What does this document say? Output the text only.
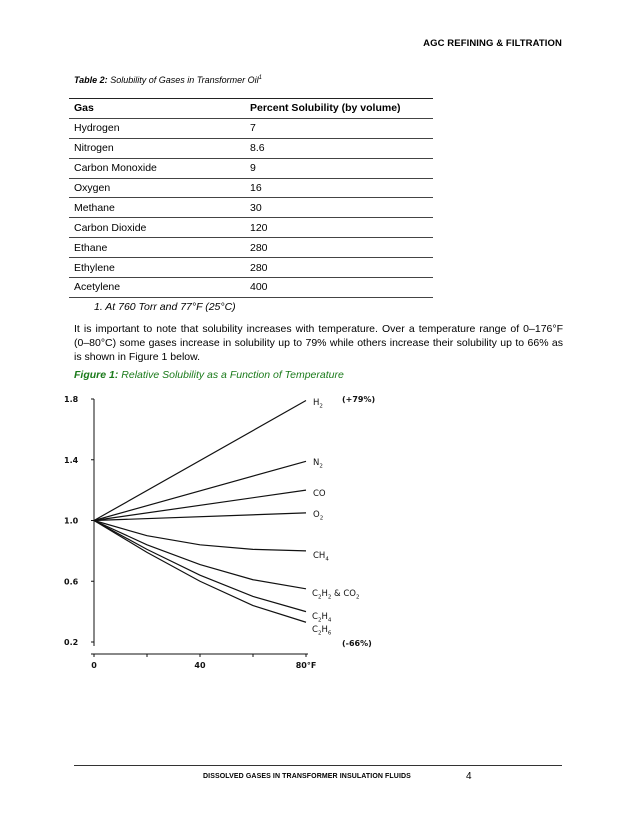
AGC REFINING & FILTRATION
Table 2: Solubility of Gases in Transformer Oil$^1$
Gas	Percent Solubility (by volume)
Hydrogen	7
Nitrogen	8.6
Carbon Monoxide	9
Oxygen	16
Methane	30
Carbon Dioxide	120
Ethane	280
Ethylene	280
Acetylene	400
1. At 760 Torr and 77°F (25°C)
It is important to note that solubility increases with temperature. Over a temperature range of 0–176°F (0–80°C) some gases increase in solubility up to 79% while others increase their solubility up to 66% as is shown in Figure 1 below.
Figure 1: Relative Solubility as a Function of Temperature
0.2
0.6
1.0
1.4
1.8
0	40	80°F
$H_2$
$N_2$
CO
$O_2$
$CH_4$
$C_2H_2$ & $CO_2$
$C_2H_4$
$C_2H_6$
(+79%)
(-66%)
DISSOLVED GASES IN TRANSFORMER INSULATION FLUIDS	4
